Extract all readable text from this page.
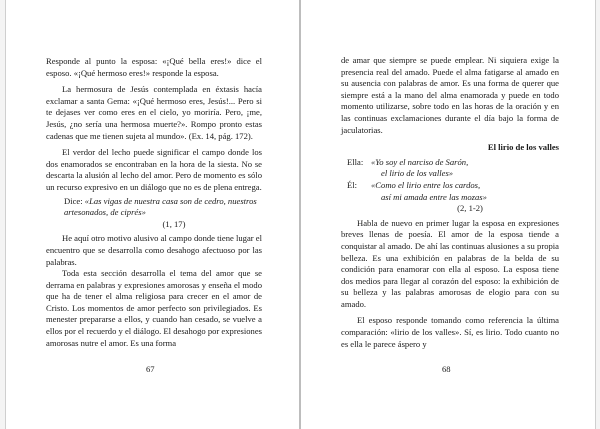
Responde al punto la esposa: «¡Qué bella eres!» dice el esposo. «¡Qué hermoso eres!» responde la esposa.

La hermosura de Jesús contemplada en éxtasis hacía exclamar a santa Gema: «¡Qué hermoso eres, Jesús!... Pero si te dejases ver como eres en el cielo, yo moriría. Pero, ¡me, Jesús, ¿no sería una hermosa muerte?». Rompo pronto estas cadenas que me tienen sujeta al mundo». (Ex. 14, pág. 172).

El verdor del lecho puede significar el campo donde los dos enamorados se encontraban en la hora de la siesta. No se descarta la alusión al lecho del amor. Pero de momento es sólo un recurso expresivo en un diálogo que no es de plena entrega.

Dice: «Las vigas de nuestra casa son de cedro, nuestros artesonados, de ciprés»
(1, 17)

He aquí otro motivo alusivo al campo donde tiene lugar el encuentro que se desarrolla como desahogo afectuoso por las palabras.

Toda esta sección desarrolla el tema del amor que se derrama en palabras y expresiones amorosas y enseña el modo que ha de tener el alma religiosa para crecer en el amor de Cristo. Los momentos de amor perfecto son privilegiados. Es menester prepararse a ellos, y cuando han cesado, se vuelve a ellos por el recuerdo y el diálogo. El desahogo por expresiones amorosas nutre el amor. Es una forma

67

de amar que siempre se puede emplear. Ni siquiera exige la presencia real del amado. Puede el alma fatigarse al amado en su ausencia con palabras de amor. Es una forma de querer que siempre está a la mano del alma enamorada y puede en todo momento utilizarse, sobre todo en las horas de la oración y en las continuas exclamaciones durante el día bajo la forma de jaculatorias.

El lirio de los valles
Ella: «Yo soy el narciso de Sarón,
el lirio de los valles»
Él:	«Como el lirio entre los cardos,
así mi amada entre las mozas»
(2, 1-2)

Habla de nuevo en primer lugar la esposa en expresiones breves llenas de poesía. El amor de la esposa tiende a conquistar al amado. De ahí las continuas alusiones a su propia belleza. Es una exhibición en palabras de la belda de su condición para enamorar con ella al esposo. La esposa tiene dos medios para llegar al corazón del esposo: la exhibición de su belleza y las palabras amorosas de elogio para con su amado.

El esposo responde tomando como referencia la última comparación: «lirio de los valles». Sí, es lirio. Todo cuanto no es ella le parece áspero y

68
